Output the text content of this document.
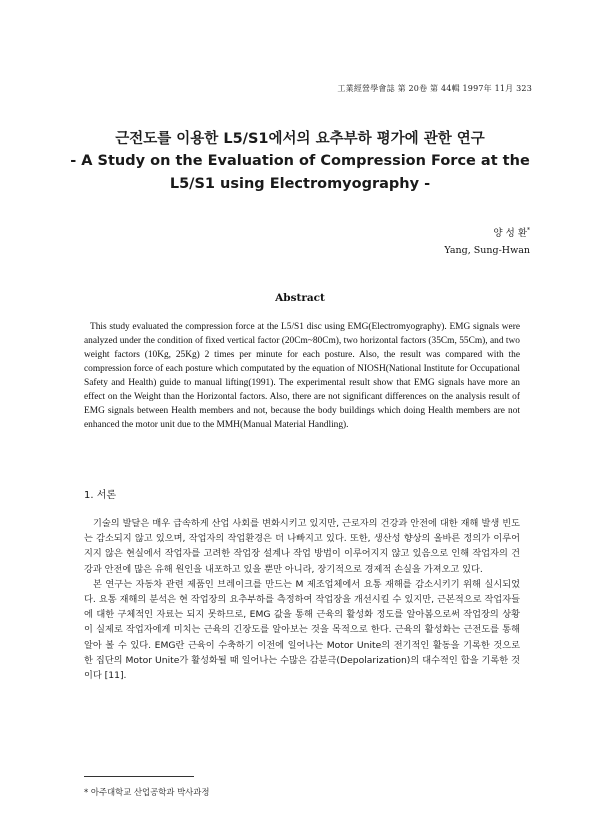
工業經營學會誌 第 20卷 第 44輯 1997年 11月 323
근전도를 이용한 L5/S1에서의 요추부하 평가에 관한 연구
- A Study on the Evaluation of Compression Force at the
L5/S1 using Electromyography -
양 성 환*
Yang, Sung-Hwan
Abstract

This study evaluated the compression force at the L5/S1 disc using EMG(Electromyography). EMG signals were analyzed under the condition of fixed vertical factor (20Cm~80Cm), two horizontal factors (35Cm, 55Cm), and two weight factors (10Kg, 25Kg) 2 times per minute for each posture. Also, the result was compared with the compression force of each posture which computated by the equation of NIOSH(National Institute for Occupational Safety and Health) guide to manual lifting(1991). The experimental result show that EMG signals have more an effect on the Weight than the Horizontal factors. Also, there are not significant differences on the analysis result of EMG signals between Health members and not, because the body buildings which doing Health members are not enhanced the motor unit due to the MMH(Manual Material Handling).

1. 서론

기술의 발달은 매우 급속하게 산업 사회를 변화시키고 있지만, 근로자의 건강과 안전에 대한 재해 발생 빈도는 감소되지 않고 있으며, 작업자의 작업환경은 더 나빠지고 있다. 또한, 생산성 향상의 올바른 정의가 이루어지지 않은 현실에서 작업자를 고려한 작업장 설계나 작업 방법이 이루어지지 않고 있음으로 인해 작업자의 건강과 안전에 많은 유해 원인을 내포하고 있을 뿐만 아니라, 장기적으로 경제적 손실을 가져오고 있다.

본 연구는 자동차 관련 제품인 브레이크를 만드는 M 제조업체에서 요통 재해를 감소시키기 위해 실시되었다. 요통 재해의 분석은 현 작업장의 요추부하를 측정하여 작업장을 개선시킬 수 있지만, 근본적으로 작업자들에 대한 구체적인 자료는 되지 못하므로, EMG 값을 통해 근육의 활성화 정도를 알아봄으로써 작업장의 상황이 실제로 작업자에게 미치는 근육의 긴장도를 알아보는 것을 목적으로 한다. 근육의 활성화는 근전도를 통해 알아 볼 수 있다. EMG란 근육이 수축하기 이전에 일어나는 Motor Unite의 전기적인 활동을 기록한 것으로 한 집단의 Motor Unite가 활성화될 때 일어나는 수많은 감분극(Depolarization)의 대수적인 합을 기록한 것이다 [11].

* 아주대학교 산업공학과 박사과정
